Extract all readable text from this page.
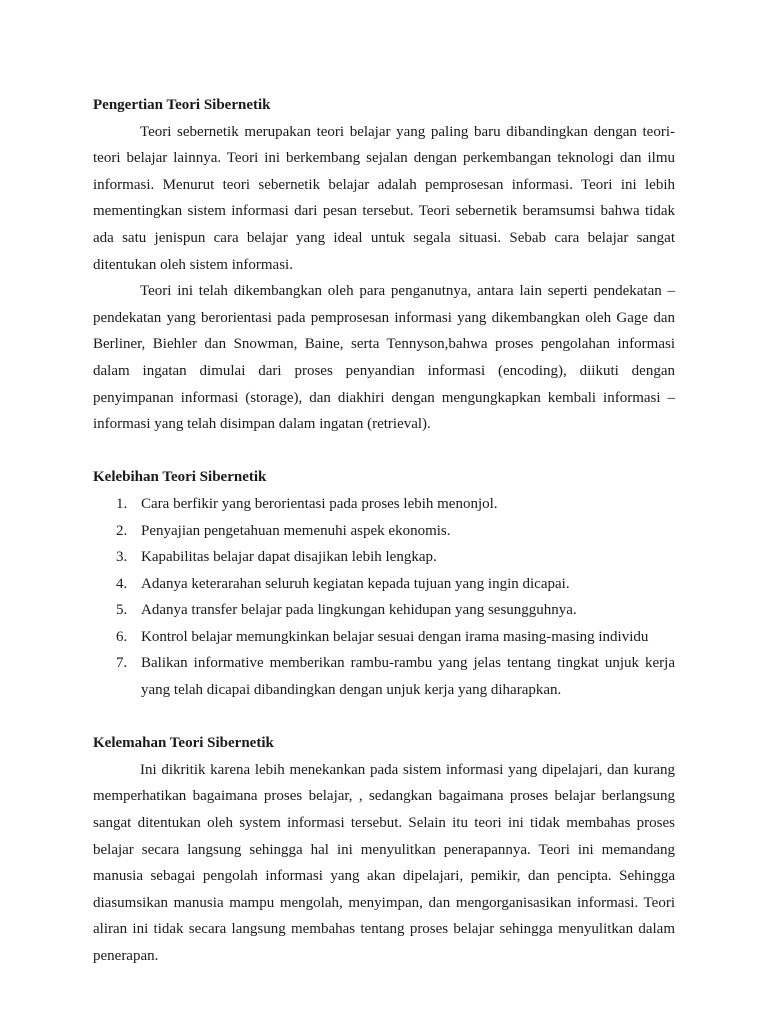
Pengertian Teori Sibernetik

Teori sebernetik merupakan teori belajar yang paling baru dibandingkan dengan teori-teori belajar lainnya. Teori ini berkembang sejalan dengan perkembangan teknologi dan ilmu informasi. Menurut teori sebernetik belajar adalah pemprosesan informasi. Teori ini lebih mementingkan sistem informasi dari pesan tersebut. Teori sebernetik beramsumsi bahwa tidak ada satu jenispun cara belajar yang ideal untuk segala situasi. Sebab cara belajar sangat ditentukan oleh sistem informasi.

Teori ini telah dikembangkan oleh para penganutnya, antara lain seperti pendekatan – pendekatan yang berorientasi pada pemprosesan informasi yang dikembangkan oleh Gage dan Berliner, Biehler dan Snowman, Baine, serta Tennyson,bahwa proses pengolahan informasi dalam ingatan dimulai dari proses penyandian informasi (encoding), diikuti dengan penyimpanan informasi (storage), dan diakhiri dengan mengungkapkan kembali informasi – informasi yang telah disimpan dalam ingatan (retrieval).

Kelebihan Teori Sibernetik

1. Cara berfikir yang berorientasi pada proses lebih menonjol.
2. Penyajian pengetahuan memenuhi aspek ekonomis.
3. Kapabilitas belajar dapat disajikan lebih lengkap.
4. Adanya keterarahan seluruh kegiatan kepada tujuan yang ingin dicapai.
5. Adanya transfer belajar pada lingkungan kehidupan yang sesungguhnya.
6. Kontrol belajar memungkinkan belajar sesuai dengan irama masing-masing individu
7. Balikan informative memberikan rambu-rambu yang jelas tentang tingkat unjuk kerja yang telah dicapai dibandingkan dengan unjuk kerja yang diharapkan.

Kelemahan Teori Sibernetik

Ini dikritik karena lebih menekankan pada sistem informasi yang dipelajari, dan kurang memperhatikan bagaimana proses belajar, , sedangkan bagaimana proses belajar berlangsung sangat ditentukan oleh system informasi tersebut. Selain itu teori ini tidak membahas proses belajar secara langsung sehingga hal ini menyulitkan penerapannya. Teori ini memandang manusia sebagai pengolah informasi yang akan dipelajari, pemikir, dan pencipta. Sehingga diasumsikan manusia mampu mengolah, menyimpan, dan mengorganisasikan informasi. Teori aliran ini tidak secara langsung membahas tentang proses belajar sehingga menyulitkan dalam penerapan.
